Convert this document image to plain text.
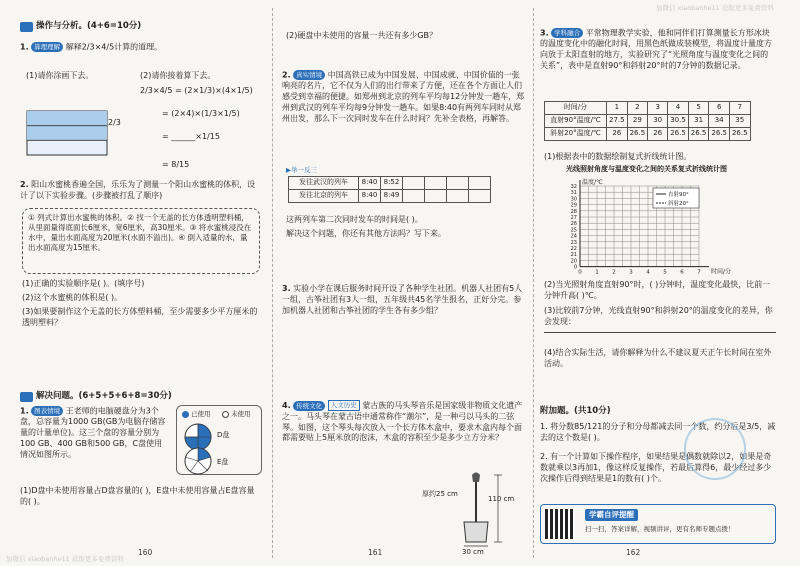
操作与分析。(4+6=10分)
1. 算理理解 解释2/3×4/5计算的道理。
(1)请你涂画下去。	(2)请你接着算下去。
2/3
2/3×4/5 = (2×1/3)×(4×1/5)
= (2×4)×(1/3×1/5)
= ______×1/15
= 8/15
2. 阳山水蜜桃香遍全国，乐乐为了测量一个阳山水蜜桃的体积，设计了以下实验步骤。(步骤被打乱了顺序)
① 列式计算出水蜜桃的体积。② 找一个无盖的长方体透明塑料桶，从里面量得底面长6厘米，宽6厘米，高30厘米。③ 将水蜜桃浸没在水中，量出水面高度为20厘米(水面不溢出)。④ 倒入适量的水，量出水面高度为15厘米。
(1)正确的实验顺序是( )。(填序号)
(2)这个水蜜桃的体积是( )。
(3)如果要制作这个无盖的长方体塑料桶，至少需要多少平方厘米的透明塑料？
解决问题。(6+5+5+6+8=30分)
1. 图表情境 王老师的电脑硬盘分为3个盘，总容量为1000 GB(GB为电脑存储容量的计量单位)。这三个盘的容量分别为100 GB、400 GB和500 GB，C盘使用情况如图所示。
已使用	未使用
D盘
E盘
(1)D盘中未使用容量占D盘容量的( )，E盘中未使用容量占E盘容量的( )。
160
加微信 xiaobanhe11 获取更多免费资料
(2)硬盘中未使用的容量一共还有多少GB？
2. 真实情境 中国高铁已成为中国发展、中国成就、中国价值的一张响亮的名片，它不仅为人们的出行带来了方便，还在各个方面让人们感受到幸福的便捷。如郑州到北京的列车平均每12分钟发一趟车，郑州到武汉的列车平均每9分钟发一趟车。如果8:40有两列车同时从郑州出发，那么下一次同时发车在什么时间？先补全表格，再解答。
▶举一反三
发往武汉的列车	8:40	8:52				
发往北京的列车	8:40	8:49				
这两列车第二次同时发车的时间是( )。
解决这个问题，你还有其他方法吗？写下来。
3. 实验小学在课后服务时间开设了各种学生社团。机器人社团有5人一组，古筝社团有3人一组，五年级共45名学生报名，正好分完。参加机器人社团和古筝社团的学生各有多少组？
4. 传统文化 人文历史 蒙古族的马头琴音乐是国家级非物质文化遗产之一。马头琴在蒙古语中通常称作“潮尔”，是一种弓以马头的二弦琴。如图，这个琴头每次放入一个长方体木盒中，要求木盒内每个面都需要贴上5厘米放的泡沫，木盒的容积至少是多少立方分米？
厚约25 cm
110 cm
30 cm
161
加微信 xiaobanhe11 获取更多免费资料
3. 学科融合 平常物理教学实验，他和同伴们打算测量长方形冰块的温度变化中的融化时间，用黑色纸做成装模型，将温度计量度方向放于太阳直射的地方，实验研究了“光照角度与温度变化之间的关系”，表中是直射90°和斜射20°时的7分钟的数据记录。
时间/分	1	2	3	4	5	6	7
直射90°温度/℃	27.5	29	30	30.5	31	34	35
斜射20°温度/℃	26	26.5	26	26.5	26.5	26.5	26.5
(1)根据表中的数据绘制复式折线统计图。
光线照射角度与温度变化之间的关系复式折线统计图
32
31
30
29
28
27
26
25
24
23
22
21
20
0
0 1 2 3 4 5 6 7
温度/℃
时间/分
直射90°
斜射20°
(2)当光照射角度直射90°时，( )分钟时，温度变化最快，比前一分钟升高( )℃。
(3)比较前7分钟，光线直射90°和斜射20°的温度变化的差异，你会发现：
(4)结合实际生活，请你解释为什么不建议夏天正午长时间在室外活动。
附加题。(共10分)
1. 将分数85/121的分子和分母都减去同一个数，约分后是3/5，减去的这个数是( )。
2. 有一个计算如下操作程序，如果结果是偶数就除以2，如果是奇数就乘以3再加1，像这样反复操作，若最后算得6，最少经过多少次操作后得到结果是1的数有( )个。
学霸自评提醒
扫一扫，答案详解，视频讲评，更有名师专题点拨！
162
